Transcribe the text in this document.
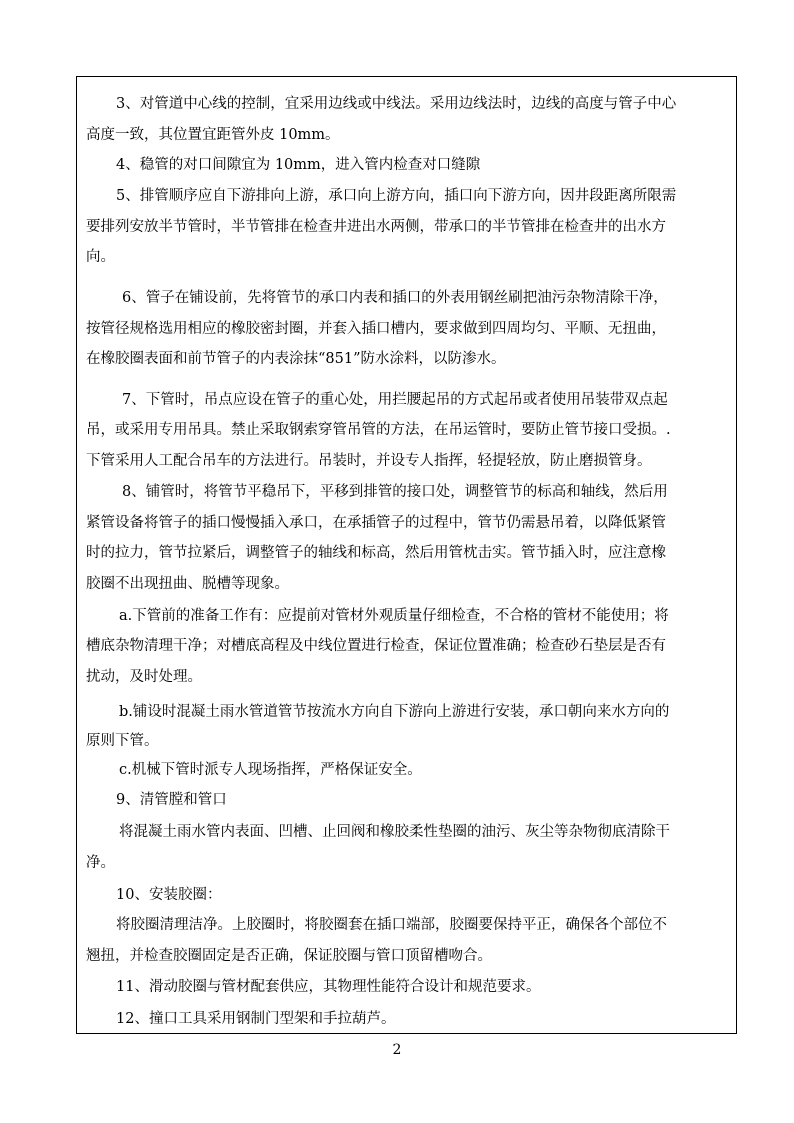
3、对管道中心线的控制，宜采用边线或中线法。采用边线法时，边线的高度与管子中心

高度一致，其位置宜距管外皮 10mm。

4、稳管的对口间隙宜为 10mm，进入管内检查对口缝隙

5、排管顺序应自下游排向上游，承口向上游方向，插口向下游方向，因井段距离所限需

要排列安放半节管时，半节管排在检查井进出水两侧，带承口的半节管排在检查井的出水方

向。

6、管子在铺设前，先将管节的承口内表和插口的外表用钢丝刷把油污杂物清除干净，

按管径规格选用相应的橡胶密封圈，并套入插口槽内，要求做到四周均匀、平顺、无扭曲，

在橡胶圈表面和前节管子的内表涂抹“851”防水涂料，以防渗水。

7、下管时，吊点应设在管子的重心处，用拦腰起吊的方式起吊或者使用吊装带双点起

吊，或采用专用吊具。禁止采取钢索穿管吊管的方法，在吊运管时，要防止管节接口受损。.

下管采用人工配合吊车的方法进行。吊装时，并设专人指挥，轻提轻放，防止磨损管身。

8、铺管时，将管节平稳吊下，平移到排管的接口处，调整管节的标高和轴线，然后用

紧管设备将管子的插口慢慢插入承口，在承插管子的过程中，管节仍需悬吊着，以降低紧管

时的拉力，管节拉紧后，调整管子的轴线和标高，然后用管枕击实。管节插入时，应注意橡

胶圈不出现扭曲、脱槽等现象。

a.下管前的准备工作有：应提前对管材外观质量仔细检查，不合格的管材不能使用；将

槽底杂物清理干净；对槽底高程及中线位置进行检查，保证位置准确；检查砂石垫层是否有

扰动，及时处理。

b.铺设时混凝土雨水管道管节按流水方向自下游向上游进行安装，承口朝向来水方向的

原则下管。

c.机械下管时派专人现场指挥，严格保证安全。

9、清管膛和管口

将混凝土雨水管内表面、凹槽、止回阀和橡胶柔性垫圈的油污、灰尘等杂物彻底清除干

净。

10、安装胶圈：

将胶圈清理洁净。上胶圈时，将胶圈套在插口端部，胶圈要保持平正，确保各个部位不

翘扭，并检查胶圈固定是否正确，保证胶圈与管口顶留槽吻合。

11、滑动胶圈与管材配套供应，其物理性能符合设计和规范要求。

12、撞口工具采用钢制门型架和手拉葫芦。

2
